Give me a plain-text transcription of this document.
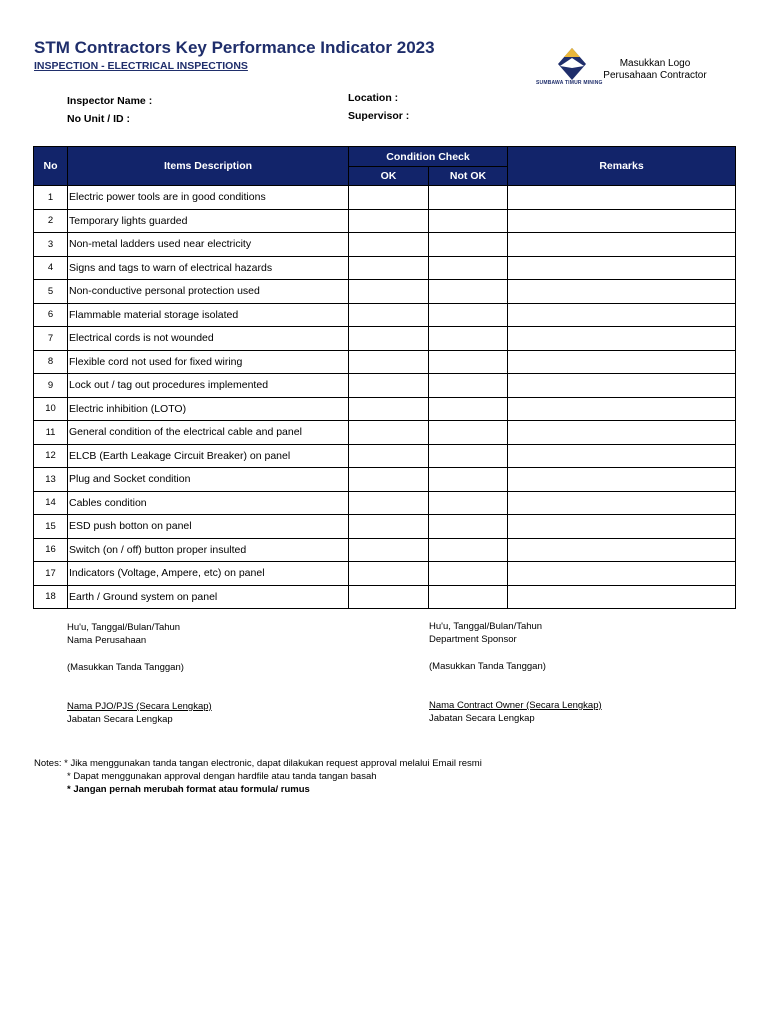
STM Contractors Key Performance Indicator 2023
INSPECTION - ELECTRICAL INSPECTIONS
SUMBAWA TIMUR MINING
Masukkan Logo
Perusahaan Contractor
Inspector Name :
No Unit / ID :
Location :
Supervisor :
No	Items Description	Condition Check		Remarks
		OK	Not OK	
1	Electric power tools are in good conditions			
2	Temporary lights guarded			
3	Non-metal ladders used near electricity			
4	Signs and tags to warn of electrical hazards			
5	Non-conductive personal protection used			
6	Flammable material storage isolated			
7	Electrical cords is not wounded			
8	Flexible cord not used for fixed wiring			
9	Lock out / tag out procedures implemented			
10	Electric inhibition (LOTO)			
11	General condition of the electrical cable and panel			
12	ELCB (Earth Leakage Circuit Breaker) on panel			
13	Plug and Socket condition			
14	Cables condition			
15	ESD push botton on panel			
16	Switch (on / off) button proper insulted			
17	Indicators (Voltage, Ampere, etc) on panel			
18	Earth / Ground system on panel			
Hu'u, Tanggal/Bulan/Tahun
Nama Perusahaan
(Masukkan Tanda Tanggan)
Nama PJO/PJS (Secara Lengkap)
Jabatan Secara Lengkap
Hu'u, Tanggal/Bulan/Tahun
Department Sponsor
(Masukkan Tanda Tanggan)
Nama Contract Owner (Secara Lengkap)
Jabatan Secara Lengkap
Notes: * Jika menggunakan tanda tangan electronic, dapat dilakukan request approval melalui Email resmi
* Dapat menggunakan approval dengan hardfile atau tanda tangan basah
* Jangan pernah merubah format atau formula/ rumus
